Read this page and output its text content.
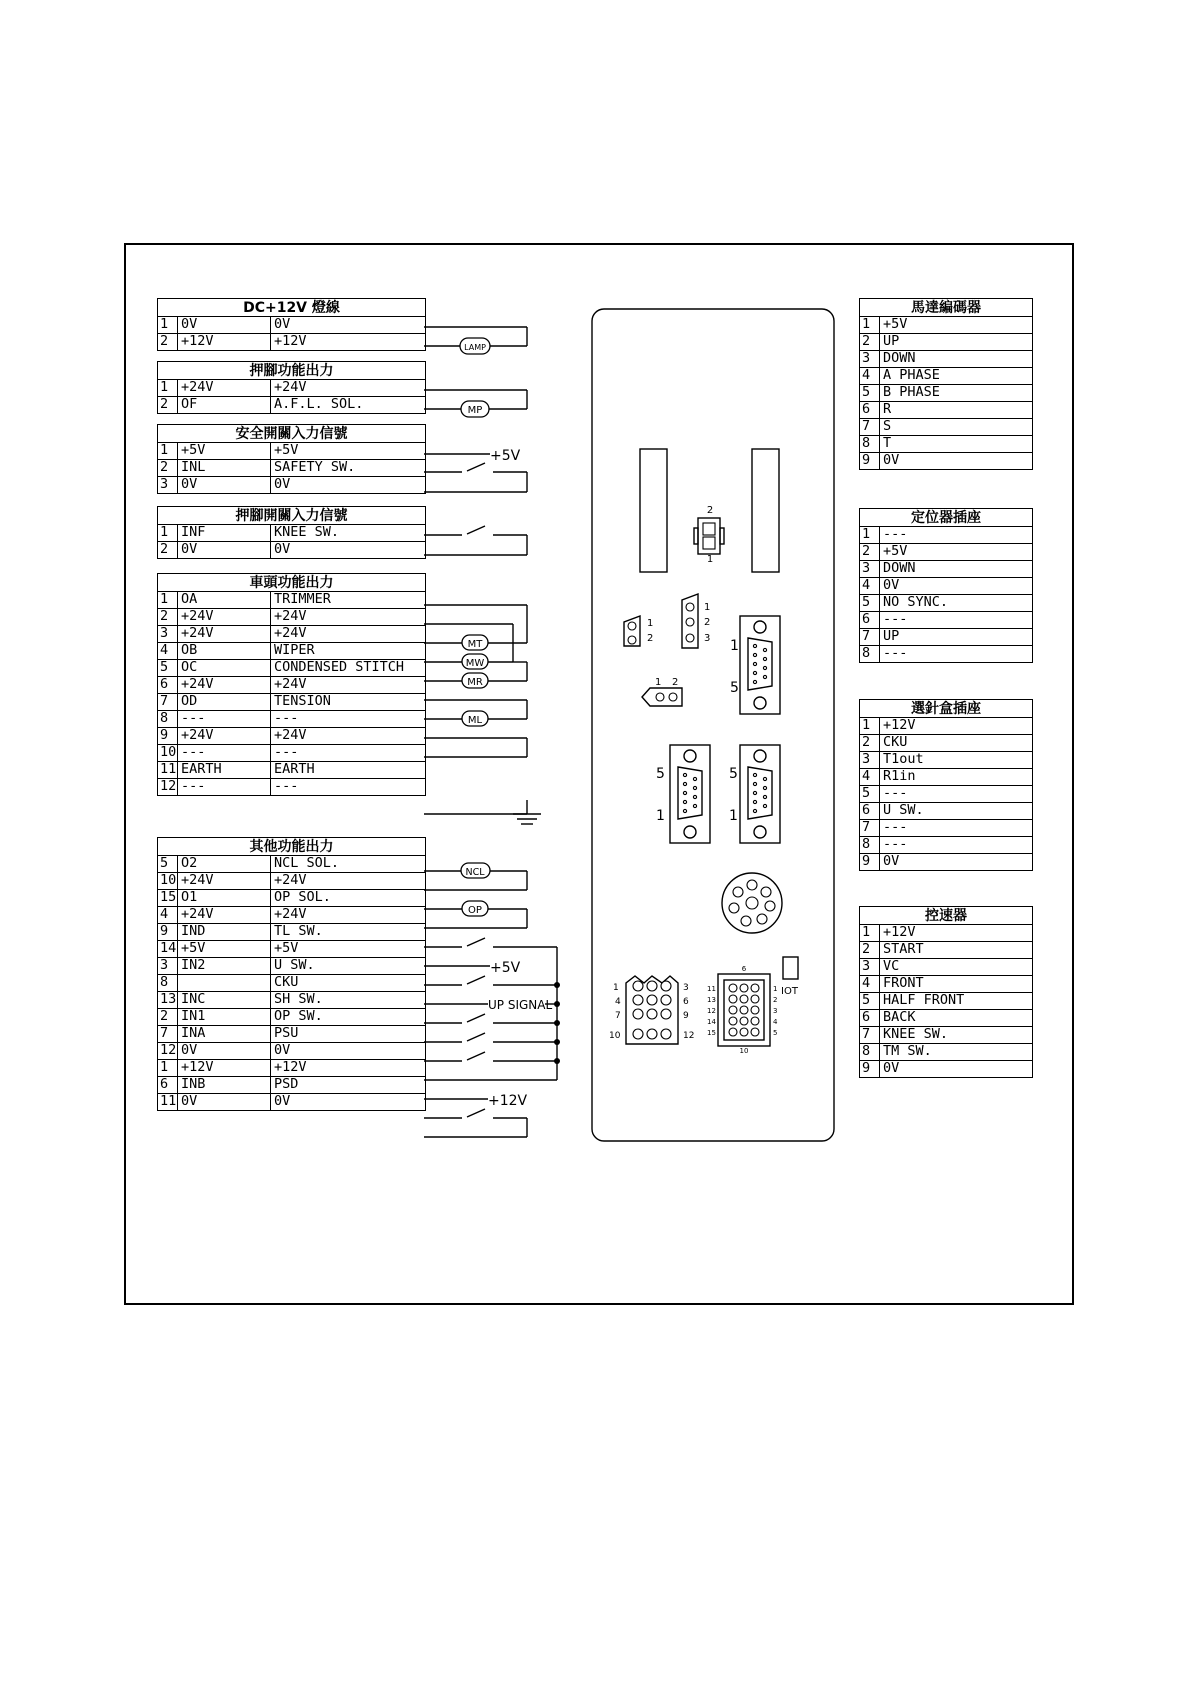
DC+12V 燈線		
1	0V	0V
2	+12V	+12V
押腳功能出力		
1	+24V	+24V
2	OF	A.F.L. SOL.
安全開關入力信號		
1	+5V	+5V
2	INL	SAFETY SW.
3	0V	0V
押腳開關入力信號		
1	INF	KNEE SW.
2	0V	0V
車頭功能出力		
1	OA	TRIMMER
2	+24V	+24V
3	+24V	+24V
4	OB	WIPER
5	OC	CONDENSED STITCH
6	+24V	+24V
7	OD	TENSION
8	---	---
9	+24V	+24V
10	---	---
11	EARTH	EARTH
12	---	---
其他功能出力		
5	O2	NCL SOL.
10	+24V	+24V
15	O1	OP SOL.
4	+24V	+24V
9	IND	TL SW.
14	+5V	+5V
3	IN2	U SW.
8		CKU
13	INC	SH SW.
2	IN1	OP SW.
7	INA	PSU
12	0V	0V
1	+12V	+12V
6	INB	PSD
11	0V	0V
馬達編碼器	
1	+5V
2	UP
3	DOWN
4	A PHASE
5	B PHASE
6	R
7	S
8	T
9	0V
定位器插座	
1	---
2	+5V
3	DOWN
4	0V
5	NO SYNC.
6	---
7	UP
8	---
選針盒插座	
1	+12V
2	CKU
3	T1out
4	R1in
5	---
6	U SW.
7	---
8	---
9	0V
控速器	
1	+12V
2	START
3	VC
4	FRONT
5	HALF FRONT
6	BACK
7	KNEE SW.
8	TM SW.
9	0V
LAMP
MP
+5V
MT
MW
MR
ML
NCL
OP
+5V
UP SIGNAL
+12V
2
1
1
2
1
2
3
1 2
1
5
5
1
5
1
1	3
4	6
7	9
10	12
11
13
12
14
15
1
2
3
4
5
6
10
IOT
